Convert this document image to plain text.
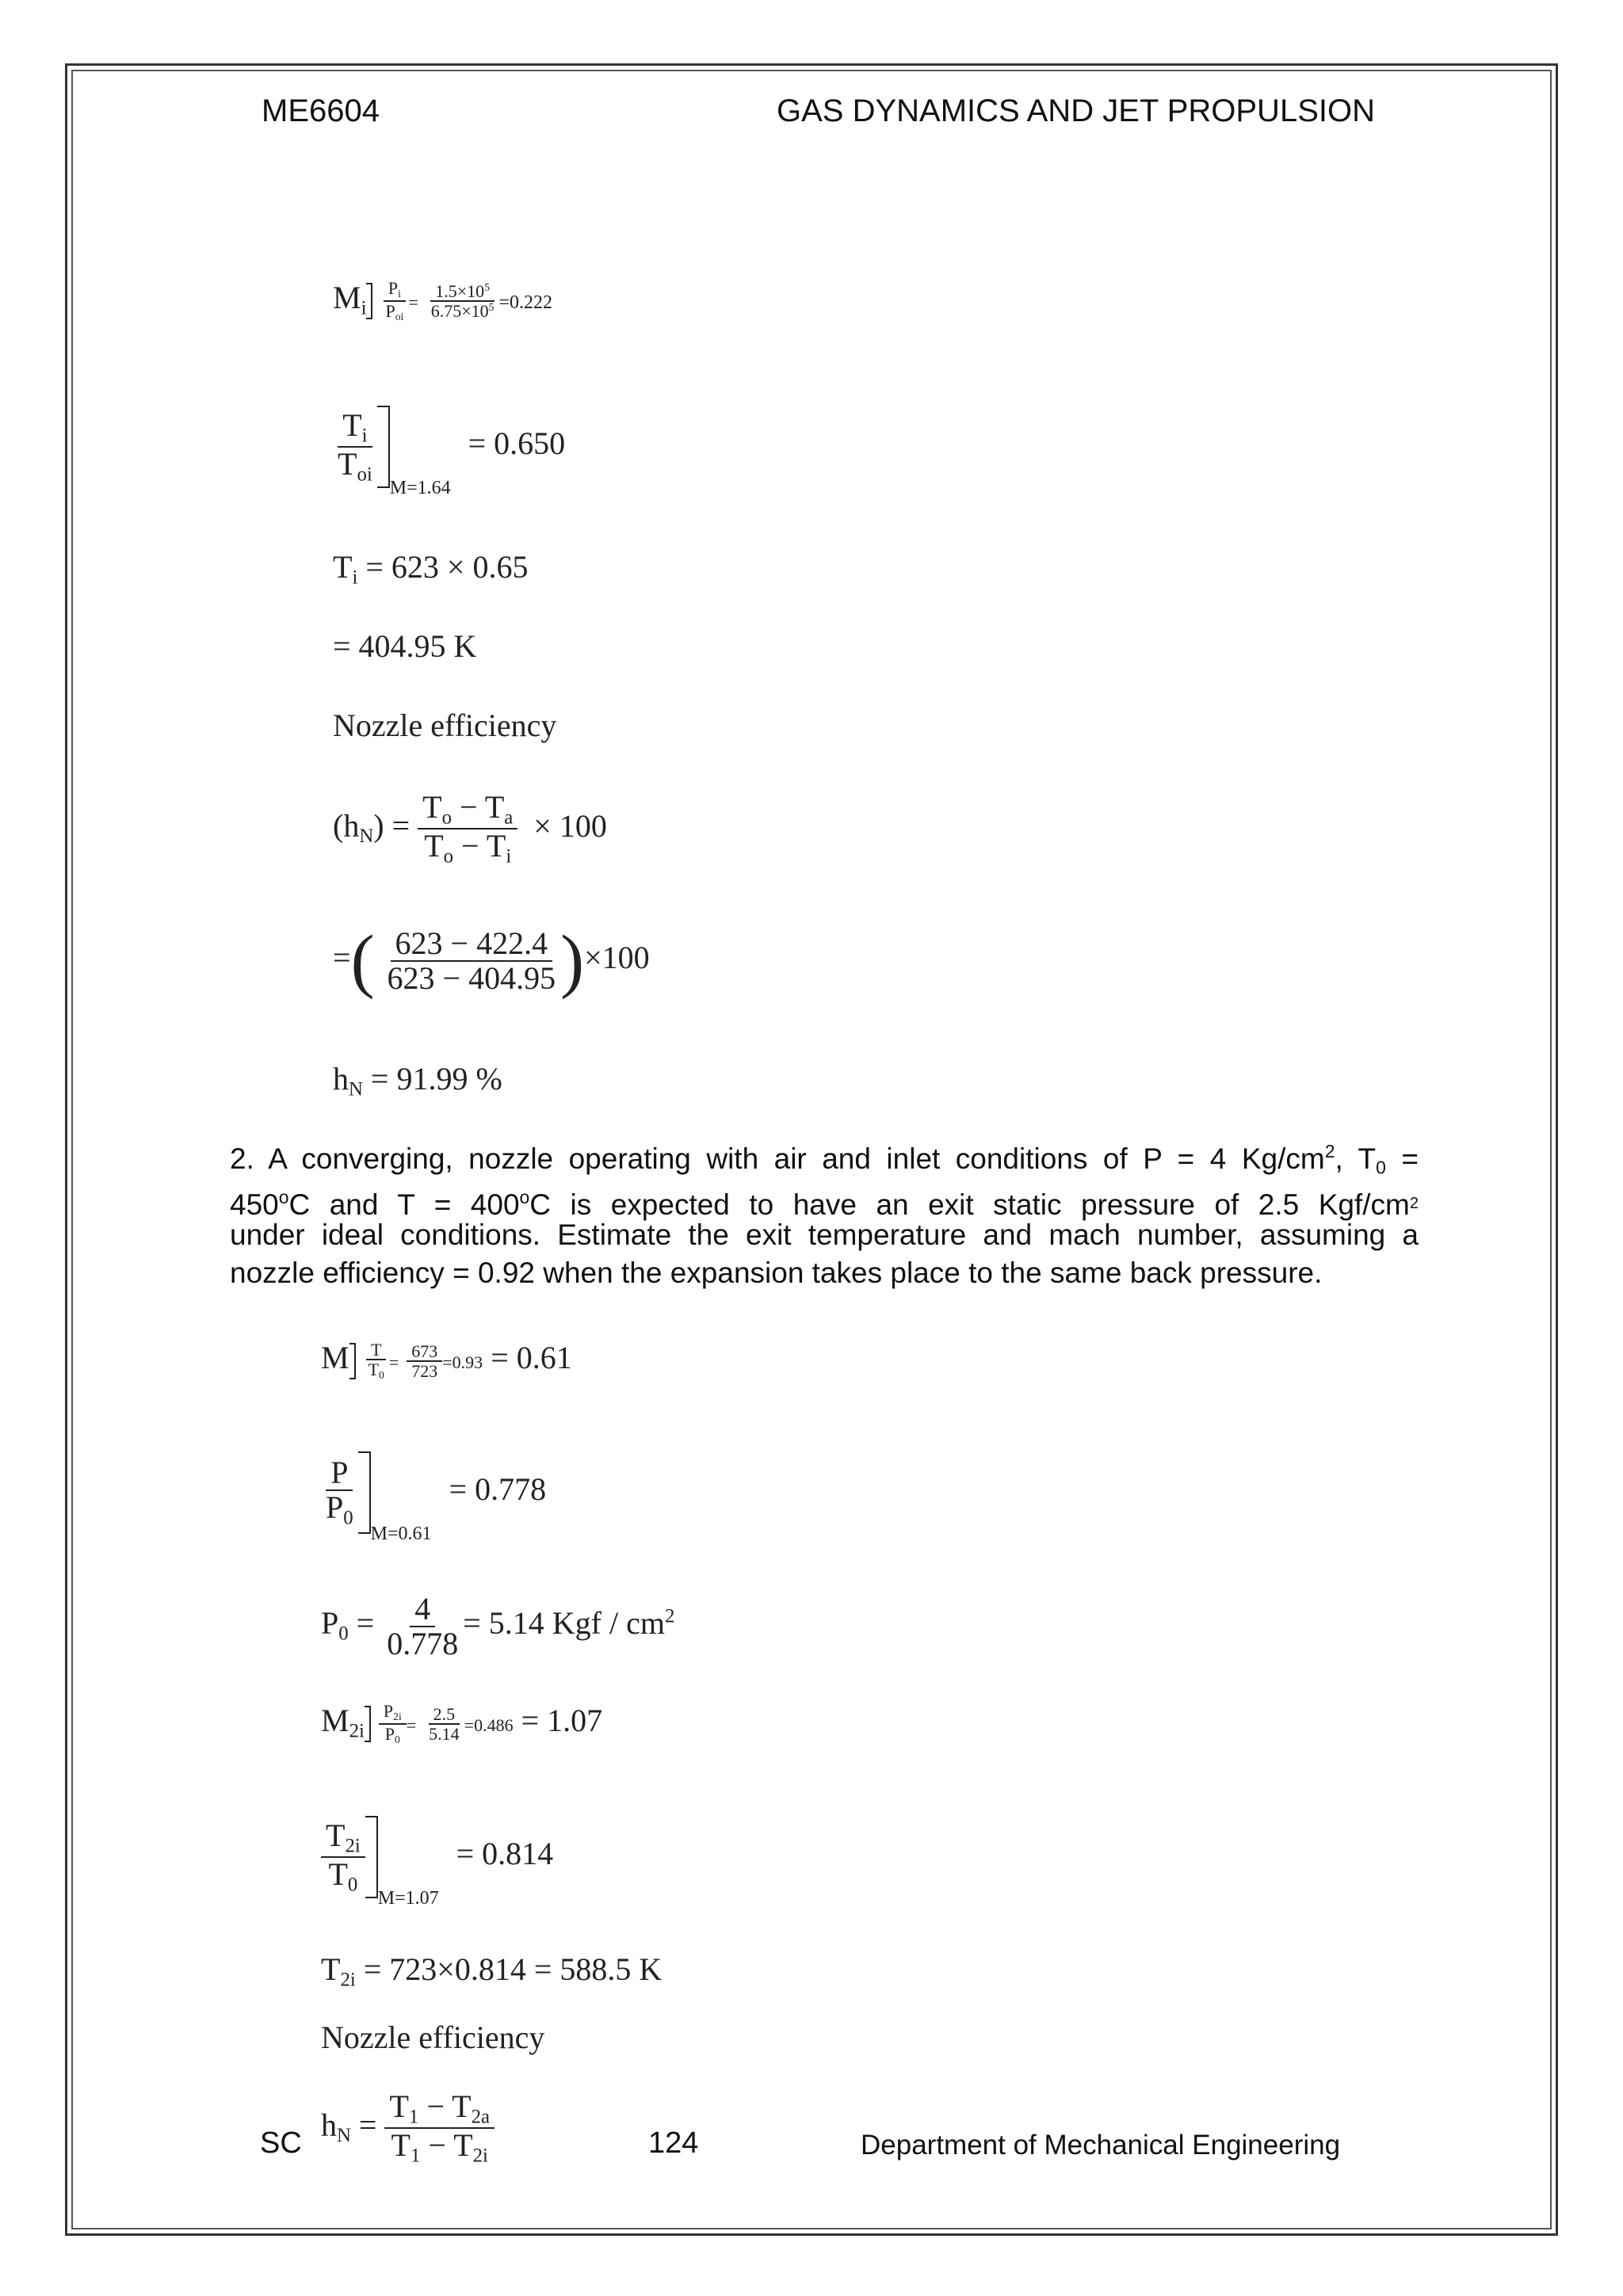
ME6604	GAS DYNAMICS AND JET PROPULSION
$M_i \frac{P_i}{P_{oi}} = \frac{1.5\times 10^5}{6.75\times 10^5} =0.222$
$\frac{T_i}{T_{oi}}$
$_{M=1.64}$ = 0.650
$T_i = 623 \times 0.65$
= 404.95 K
Nozzle efficiency
$(h_N) = \frac{T_o - T_a}{T_o - T_i} \times 100$
=( $\frac{623 - 422.4}{623 - 404.95} )\times 100$
$h_N = 91.99$ %
2. A converging, nozzle operating with air and inlet conditions of P = 4 $Kg/cm^2$, $T_0$ =
$450^oC$ and $T = 400^oC$ is expected to have an exit static pressure of 2.5 Kgf/$cm^2$
under ideal conditions. Estimate the exit temperature and mach number, assuming a
nozzle efficiency = 0.92 when the expansion takes place to the same back pressure.
M $\frac{T}{T_0} = \frac{673}{723} =0.93 = 0.61$
$\frac{P}{P_0}$
$_{M=0.61}$ = 0.778
$P_0 = \frac{4}{0.778} = 5.14$ Kgf / $cm^2$
$M_{2i} \frac{P_{2i}}{P_0} = \frac{2.5}{5.14} =0.486 = 1.07$
$\frac{T_{2i}}{T_0}$
$_{M=1.07}$ = 0.814
$T_{2i} = 723\times 0.814 = 588.5$ K
Nozzle efficiency
$h_N = \frac{T_1 - T_{2a}}{T_1 - T_{2i}}$
SC	124	Department of Mechanical Engineering
